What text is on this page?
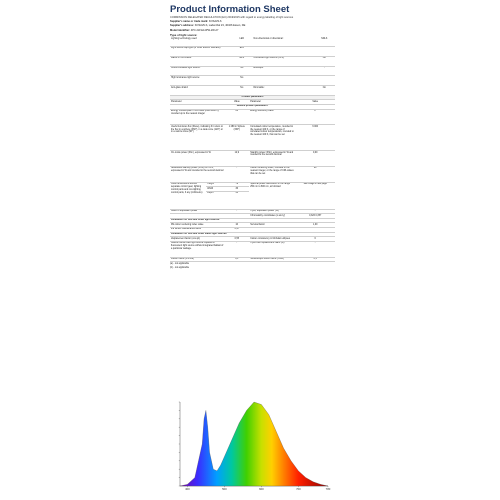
Product Information Sheet
COMMISSION DELEGATED REGULATION (EU) 2019/2015 with regard to energy labelling of light sources
Supplier's name or trade mark: KOSAVILS
Supplier's address: KOSAVILS, Ladenthal 23, 40326 Essen, DE
Model identifier: 4PC.2W-E14PW-2W-27
Type of light source:
Lighting technology used:	LED	Non-directional or directional:	NDLS
Light source cap-type (or other electric interface)	E14		
Mains or non-mains:	MLS	Connected light source (CLS):	No
Colour-tuneable light source:	No	Envelope:	-
High luminance light source:	No		
Anti-glare shield:	No	Dimmable:	No
Product parameters				
Parameter		Value	Parameter	Value
General product parameters:				
Energy consumption in on-mode (kWh/1000 h), rounded up to the nearest integer		22	Energy efficiency class	F
Useful luminous flux (Φuse), indicating if it refers to the flux in a sphere (360°), in a wide cone (120°) or in a narrow cone (90°)		1 289 in Sphere (360°)	Correlated colour temperature, rounded to the nearest 100 K, or the range of correlated colour temperatures, rounded to the nearest 100 K, that can be set	6 000
On-mode power (Pon), expressed in W		12,9	Standby power (Psb), expressed in W and rounded to the second decimal	0,00
Networked standby power (Pnet) for CLS, expressed in W and rounded to the second decimal		-	Colour rendering index, rounded to the nearest integer, or the range of CRI-values that can be set	80
Outer dimensions without separate control gear, lighting control parts and non-lighting control parts, if any (millimetre)	Height	79	Spectral power distribution in the range 250 nm to 800 nm, at full-load	See image in last page
	Width	36		
	Depth	36		
Claim of equivalent power		-	If yes, equivalent power (W)	-
			Chromaticity coordinates (x and y)	0,326 0,357
Parameters for LED and OLED light sources:				
R9 colour rendering index value		10	Survival factor	1,00
the lumen maintenance factor		0,97		
Parameters for LED and OLED mains light sources:				
displacement factor (cos φ1)		0,55	Colour consistency in McAdam ellipses	6
Claims that an LED light source replaces a fluorescent light source without integrated ballast of a particular wattage.		-	If yes then replacement claim (W)	-
Flicker metric (Pst LM)		0,1	Stroboscopic effect metric (SVM)	0,1
(a) - not applicable
(b) - not applicable
400	500	600	700	780
